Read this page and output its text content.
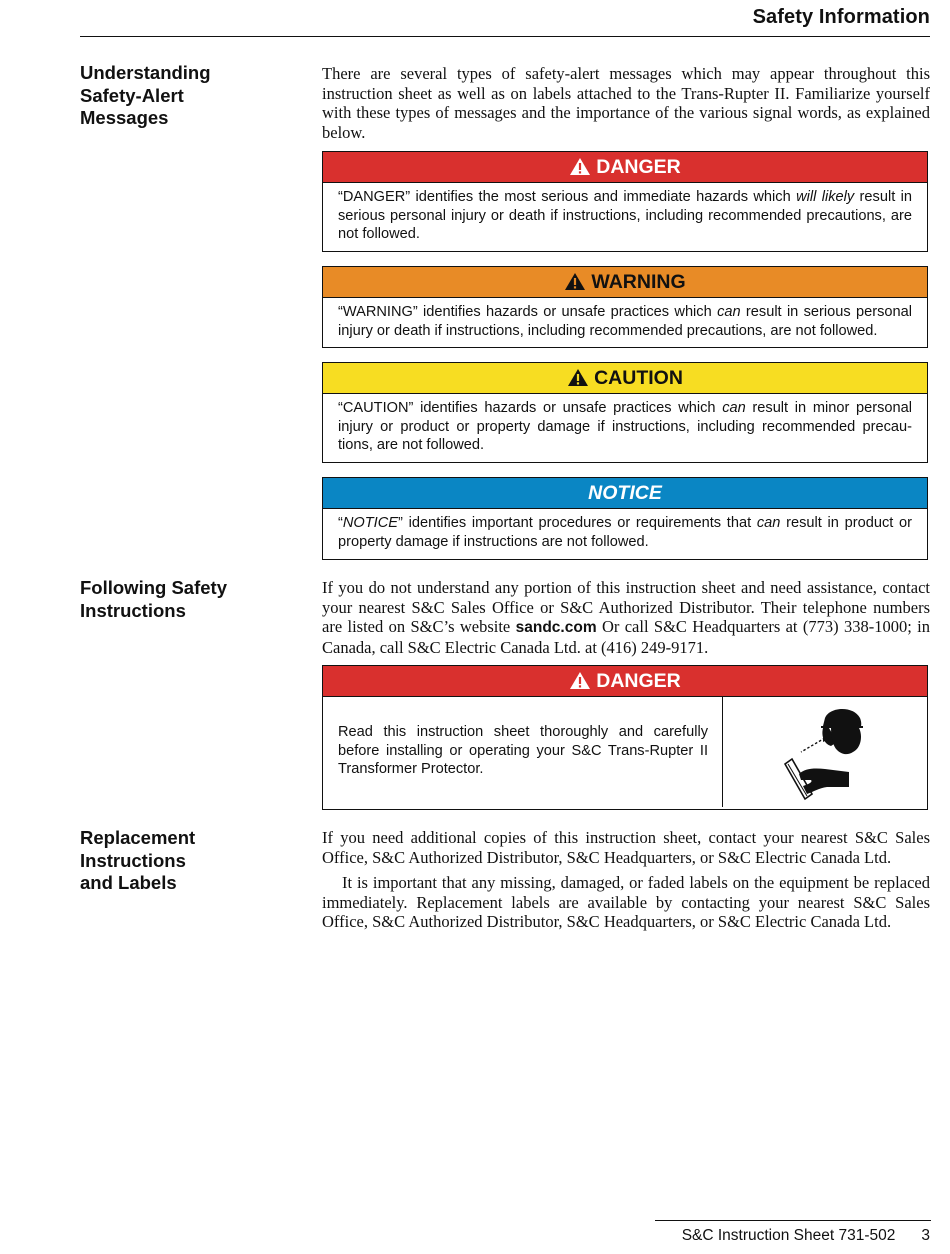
Safety Information
Understanding
Safety-Alert
Messages

There are several types of safety-alert messages which may appear throughout this instruction sheet as well as on labels attached to the Trans-Rupter II. Familiarize yourself with these types of messages and the importance of the various signal words, as explained below.

DANGER
“DANGER” identifies the most serious and immediate hazards which will likely result in serious personal injury or death if instructions, including recommended precautions, are not followed.
WARNING
“WARNING” identifies hazards or unsafe practices which can result in serious personal injury or death if instructions, including recommended precautions, are not followed.
CAUTION
“CAUTION” identifies hazards or unsafe practices which can result in minor personal injury or product or property damage if instructions, including recommended precau-tions, are not followed.
NOTICE
“NOTICE” identifies important procedures or requirements that can result in product or property damage if instructions are not followed.
Following Safety
Instructions

If you do not understand any portion of this instruction sheet and need assistance, contact your nearest S&C Sales Office or S&C Authorized Distributor. Their telephone numbers are listed on S&C’s website sandc.com Or call S&C Headquarters at (773) 338-1000; in Canada, call S&C Electric Canada Ltd. at (416) 249-9171.

DANGER
Read this instruction sheet thoroughly and carefully before installing or operating your S&C Trans-Rupter II Transformer Protector.
Replacement
Instructions
and Labels

If you need additional copies of this instruction sheet, contact your nearest S&C Sales Office, S&C Authorized Distributor, S&C Headquarters, or S&C Electric Canada Ltd.

It is important that any missing, damaged, or faded labels on the equipment be replaced immediately. Replacement labels are available by contacting your nearest S&C Sales Office, S&C Authorized Distributor, S&C Headquarters, or S&C Electric Canada Ltd.

S&C Instruction Sheet 731-502 3
